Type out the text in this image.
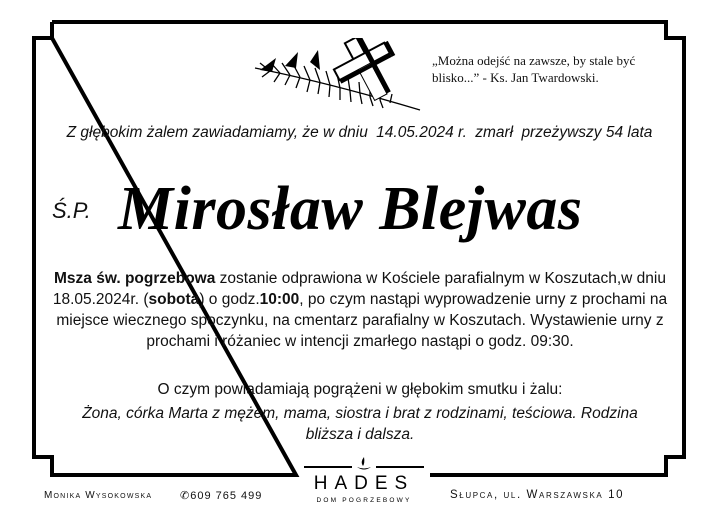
„Można odejść na zawsze, by stale być
blisko...” - Ks. Jan Twardowski.
Z głębokim żalem zawiadamiamy, że w dniu 14.05.2024 r. zmarł przeżywszy 54 lata
Ś.P. Mirosław Blejwas
Msza św. pogrzebowa zostanie odprawiona w Kościele parafialnym w Koszutach,w dniu 18.05.2024r. (sobota) o godz.10:00, po czym nastąpi wyprowadzenie urny z prochami na miejsce wiecznego spoczynku, na cmentarz parafialny w Koszutach. Wystawienie urny z prochami i różaniec w intencji zmarłego nastąpi o godz. 09:30.
O czym powiadamiają pogrążeni w głębokim smutku i żalu:
Żona, córka Marta z mężem, mama, siostra i brat z rodzinami, teściowa. Rodzina bliższa i dalsza.
Monika Wysokowska	✆609 765 499
HADES
DOM POGRZEBOWY	Słupca, ul. Warszawska 10
